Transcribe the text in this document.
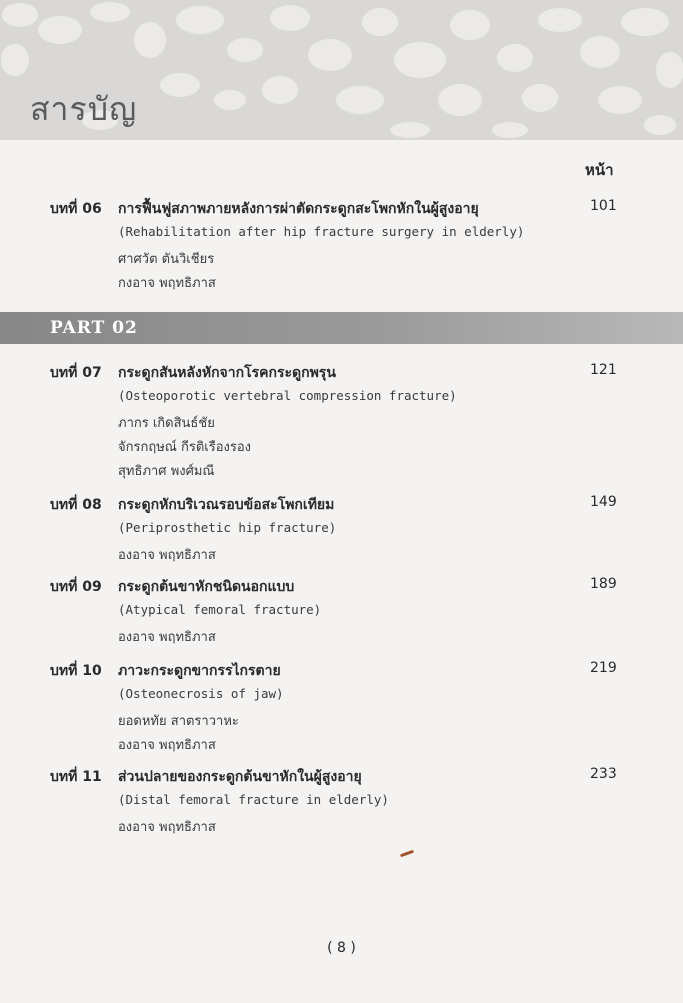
สารบัญ
หน้า
บทที่ 06 การฟื้นฟูสภาพภายหลังการผ่าตัดกระดูกสะโพกหักในผู้สูงอายุ	101
(Rehabilitation after hip fracture surgery in elderly)
ศาศวัต ตันวิเชียร
กงอาจ พฤทธิภาส
PART 02
บทที่ 07 กระดูกสันหลังหักจากโรคกระดูกพรุน	121
(Osteoporotic vertebral compression fracture)
ภากร เกิดสินธ์ชัย
จักรกฤษณ์ กีรติเรืองรอง
สุทธิภาศ พงศ์มณี
บทที่ 08 กระดูกหักบริเวณรอบข้อสะโพกเทียม	149
(Periprosthetic hip fracture)
องอาจ พฤทธิภาส
บทที่ 09 กระดูกต้นขาหักชนิดนอกแบบ	189
(Atypical femoral fracture)
องอาจ พฤทธิภาส
บทที่ 10 ภาวะกระดูกขากรรไกรตาย	219
(Osteonecrosis of jaw)
ยอดหทัย สาตราวาหะ
องอาจ พฤทธิภาส
บทที่ 11 ส่วนปลายของกระดูกต้นขาหักในผู้สูงอายุ	233
(Distal femoral fracture in elderly)
องอาจ พฤทธิภาส
( 8 )
